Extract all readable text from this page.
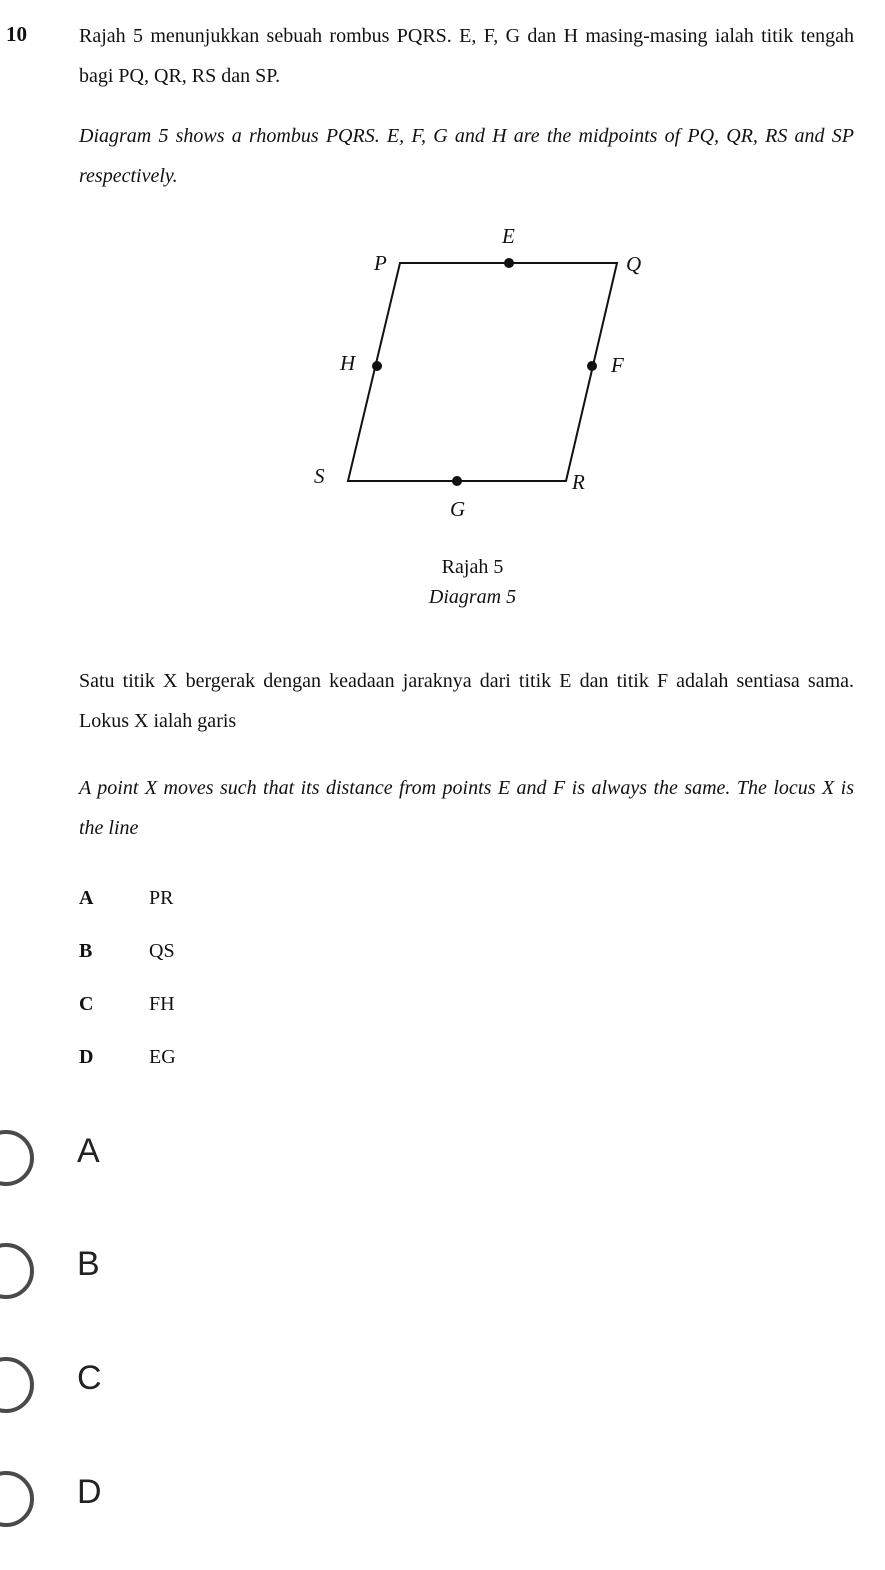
10	Rajah 5 menunjukkan sebuah rombus PQRS. E, F, G dan H masing-masing ialah titik tengah bagi PQ, QR, RS dan SP.
Diagram 5 shows a rhombus PQRS. E, F, G and H are the midpoints of PQ, QR, RS and SP respectively.
E
P	Q
H	F
S	R
G
Rajah 5
Diagram 5
Satu titik X bergerak dengan keadaan jaraknya dari titik E dan titik F adalah sentiasa sama. Lokus X ialah garis
A point X moves such that its distance from points E and F is always the same. The locus X is the line
A	PR
B	QS
C	FH
D	EG
A
B
C
D
